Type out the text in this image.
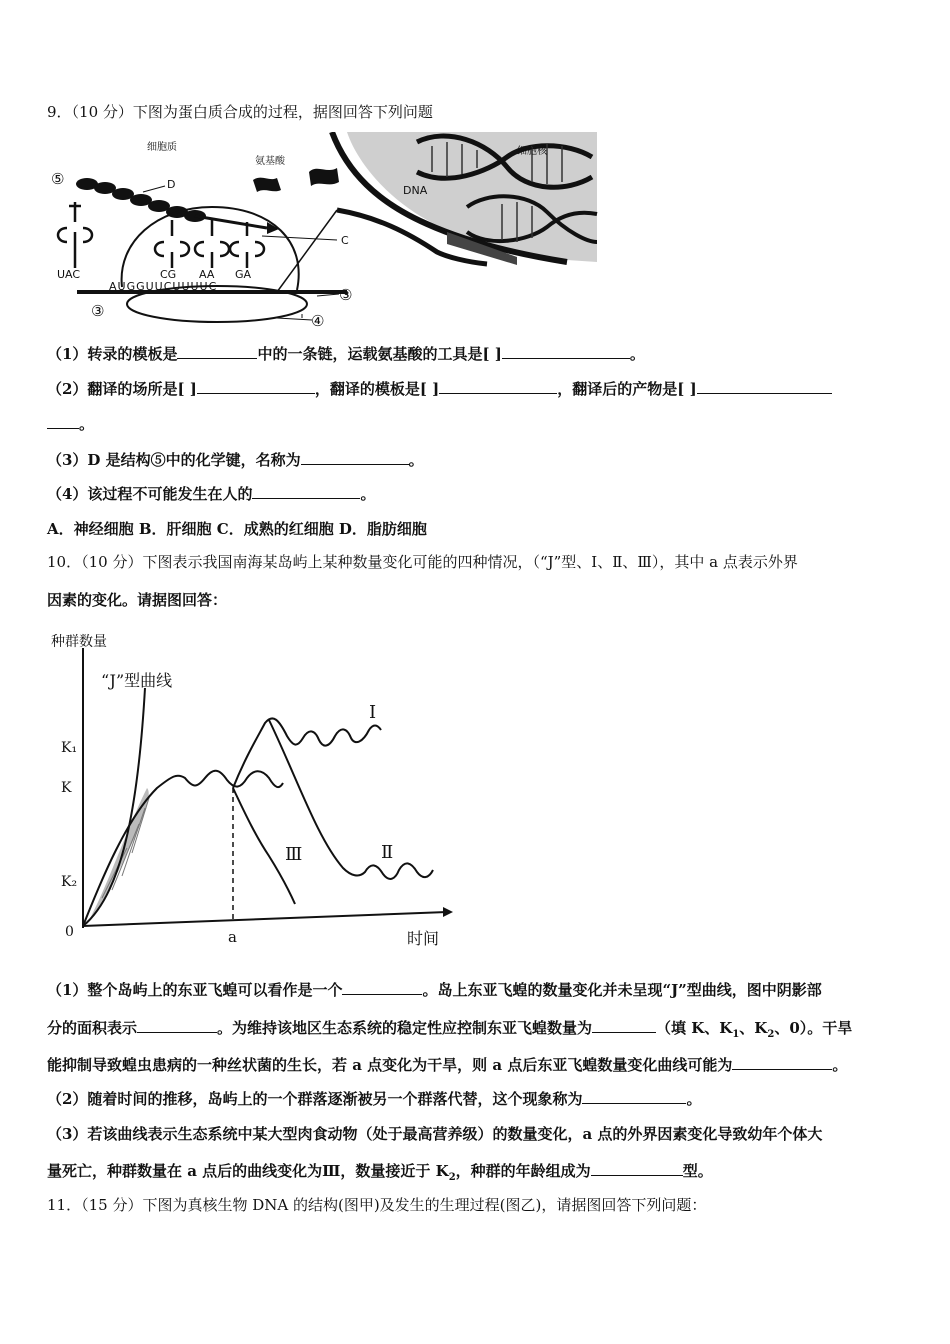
9．（10 分）下图为蛋白质合成的过程，据图回答下列问题
细胞质
氨基酸
细胞核
DNA
D
C
⑤
③
③
④
UAC	CG AA GA
AUGGUUCUUUUC
（1）转录的模板是	中的一条链，运载氨基酸的工具是[ ]	。
（2）翻译的场所是[ ]	，翻译的模板是[ ]	，翻译后的产物是[ ]
。
（3）D 是结构⑤中的化学键，名称为	。
（4）该过程不可能发生在人的	。
A．神经细胞 B．肝细胞 C．成熟的红细胞 D．脂肪细胞
10．（10 分）下图表示我国南海某岛屿上某种数量变化可能的四种情况，（“J”型、Ⅰ、Ⅱ、Ⅲ），其中 a 点表示外界
因素的变化。请据图回答：
种群数量
时间
0	a
K₁
K
K₂
“J”型曲线
Ⅰ
Ⅱ
Ⅲ
（1）整个岛屿上的东亚飞蝗可以看作是一个	。岛上东亚飞蝗的数量变化并未呈现“J”型曲线，图中阴影部
分的面积表示	。为维持该地区生态系统的稳定性应控制东亚飞蝗数量为	（填 K、$K_1$、$K_2$、0）。干旱
能抑制导致蝗虫患病的一种丝状菌的生长，若 a 点变化为干旱，则 a 点后东亚飞蝗数量变化曲线可能为	。
（2）随着时间的推移，岛屿上的一个群落逐渐被另一个群落代替，这个现象称为	。
（3）若该曲线表示生态系统中某大型肉食动物（处于最高营养级）的数量变化，a 点的外界因素变化导致幼年个体大
量死亡，种群数量在 a 点后的曲线变化为Ⅲ，数量接近于 $K_2$，种群的年龄组成为	型。
11．（15 分）下图为真核生物 DNA 的结构(图甲)及发生的生理过程(图乙)，请据图回答下列问题：
